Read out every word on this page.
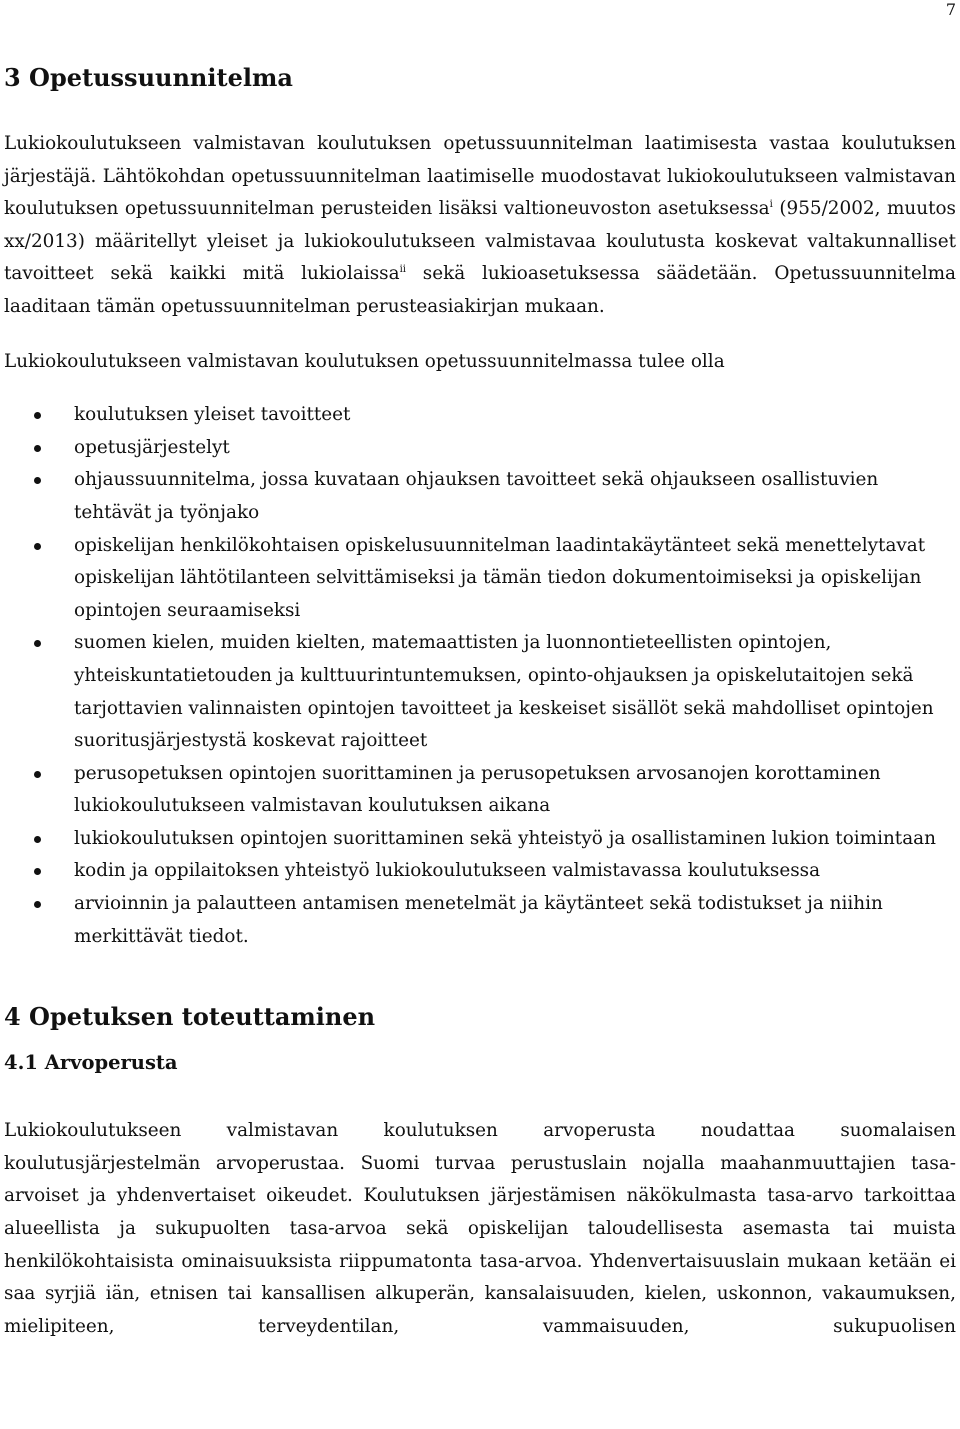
7
3 Opetussuunnitelma

Lukiokoulutukseen valmistavan koulutuksen opetussuunnitelman laatimisesta vastaa koulutuksen järjestäjä. Lähtökohdan opetussuunnitelman laatimiselle muodostavat lukiokoulutukseen valmistavan koulutuksen opetussuunnitelman perusteiden lisäksi valtioneuvoston asetuksessa$^i$ (955/2002, muutos xx/2013) määritellyt yleiset ja lukiokoulutukseen valmistavaa koulutusta koskevat valtakunnalliset tavoitteet sekä kaikki mitä lukiolaissa$^{ii}$ sekä lukioasetuksessa säädetään. Opetussuunnitelma laaditaan tämän opetussuunnitelman perusteasiakirjan mukaan.

Lukiokoulutukseen valmistavan koulutuksen opetussuunnitelmassa tulee olla

koulutuksen yleiset tavoitteet
opetusjärjestelyt
ohjaussuunnitelma, jossa kuvataan ohjauksen tavoitteet sekä ohjaukseen osallistuvien tehtävät ja työnjako
opiskelijan henkilökohtaisen opiskelusuunnitelman laadintakäytänteet sekä menettelytavat opiskelijan lähtötilanteen selvittämiseksi ja tämän tiedon dokumentoimiseksi ja opiskelijan opintojen seuraamiseksi
suomen kielen, muiden kielten, matemaattisten ja luonnontieteellisten opintojen, yhteiskuntatietouden ja kulttuurintuntemuksen, opinto-ohjauksen ja opiskelutaitojen sekä tarjottavien valinnaisten opintojen tavoitteet ja keskeiset sisällöt sekä mahdolliset opintojen suoritusjärjestystä koskevat rajoitteet
perusopetuksen opintojen suorittaminen ja perusopetuksen arvosanojen korottaminen lukiokoulutukseen valmistavan koulutuksen aikana
lukiokoulutuksen opintojen suorittaminen sekä yhteistyö ja osallistaminen lukion toimintaan
kodin ja oppilaitoksen yhteistyö lukiokoulutukseen valmistavassa koulutuksessa
arvioinnin ja palautteen antamisen menetelmät ja käytänteet sekä todistukset ja niihin merkittävät tiedot.
4 Opetuksen toteuttaminen
4.1 Arvoperusta

Lukiokoulutukseen valmistavan koulutuksen arvoperusta noudattaa suomalaisen koulutusjärjestelmän arvoperustaa. Suomi turvaa perustuslain nojalla maahanmuuttajien tasa-arvoiset ja yhdenvertaiset oikeudet. Koulutuksen järjestämisen näkökulmasta tasa-arvo tarkoittaa alueellista ja sukupuolten tasa-arvoa sekä opiskelijan taloudellisesta asemasta tai muista henkilökohtaisista ominaisuuksista riippumatonta tasa-arvoa. Yhdenvertaisuuslain mukaan ketään ei saa syrjiä iän, etnisen tai kansallisen alkuperän, kansalaisuuden, kielen, uskonnon, vakaumuksen, mielipiteen, terveydentilan, vammaisuuden, sukupuolisen
